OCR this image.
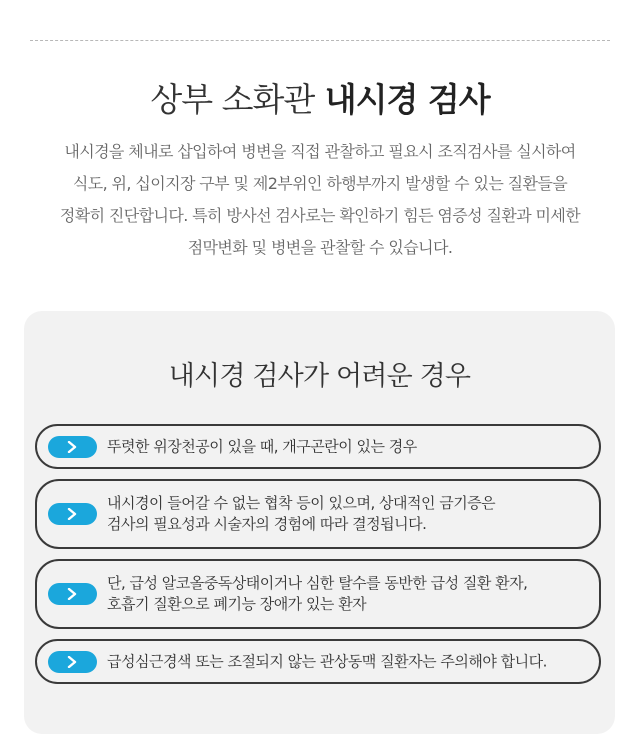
상부 소화관 내시경 검사
내시경을 체내로 삽입하여 병변을 직접 관찰하고 필요시 조직검사를 실시하여
식도, 위, 십이지장 구부 및 제2부위인 하행부까지 발생할 수 있는 질환들을
정확히 진단합니다. 특히 방사선 검사로는 확인하기 힘든 염증성 질환과 미세한
점막변화 및 병변을 관찰할 수 있습니다.
내시경 검사가 어려운 경우
뚜렷한 위장천공이 있을 때, 개구곤란이 있는 경우
내시경이 들어갈 수 없는 협착 등이 있으며, 상대적인 금기증은
검사의 필요성과 시술자의 경험에 따라 결정됩니다.
단, 급성 알코올중독상태이거나 심한 탈수를 동반한 급성 질환 환자,
호흡기 질환으로 폐기능 장애가 있는 환자
급성심근경색 또는 조절되지 않는 관상동맥 질환자는 주의해야 합니다.
